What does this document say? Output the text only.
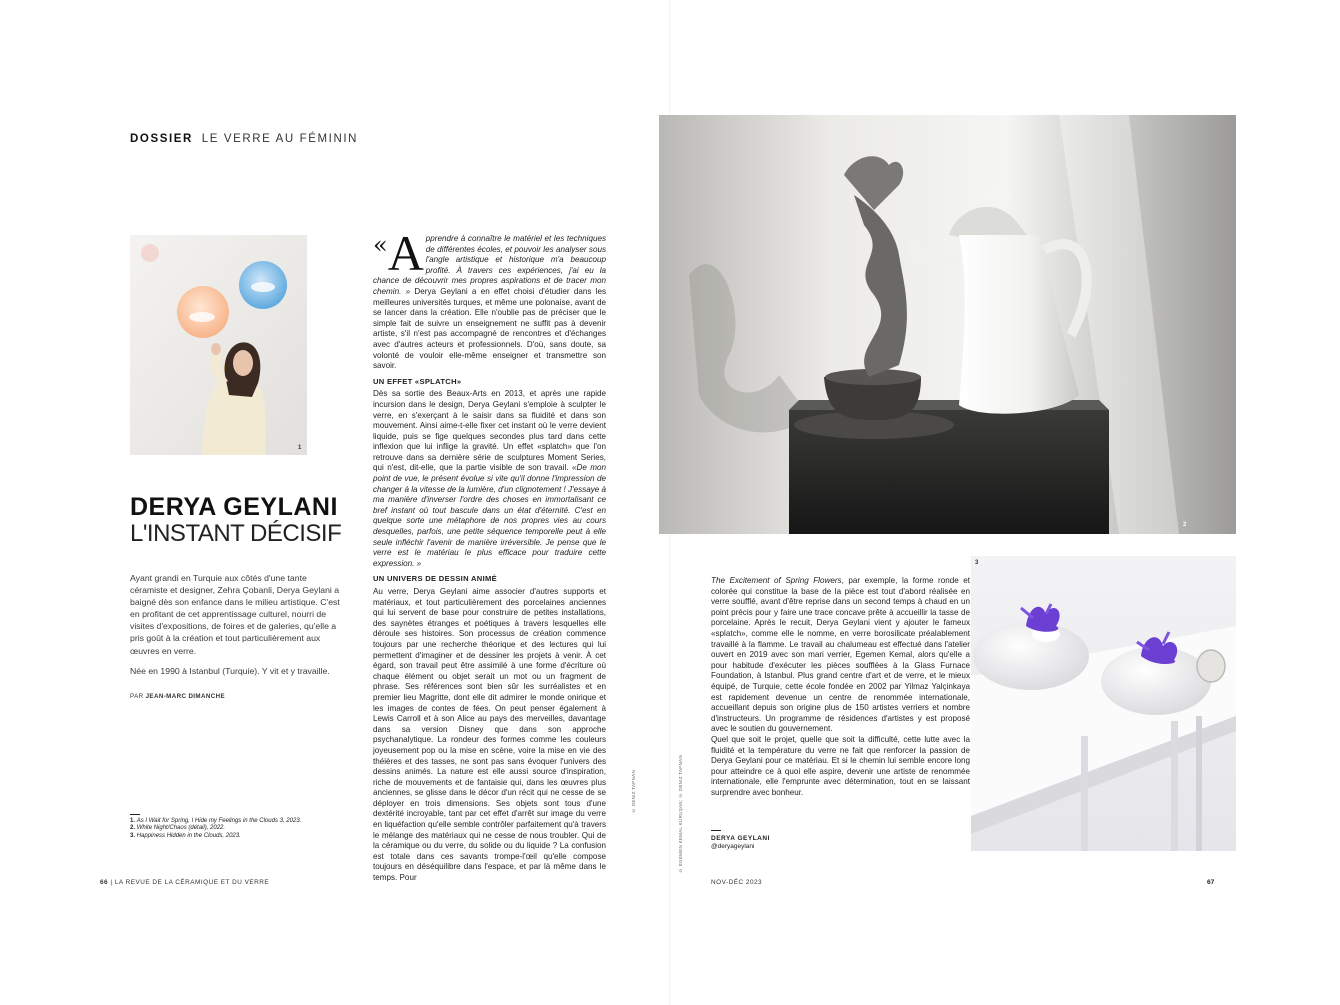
DOSSIER LE VERRE AU FÉMININ
1
DERYA GEYLANI
L'INSTANT DÉCISIF

Ayant grandi en Turquie aux côtés d'une tante céramiste et designer, Zehra Çobanli, Derya Geylani a baigné dès son enfance dans le milieu artistique. C'est en profitant de cet apprentissage culturel, nourri de visites d'expositions, de foires et de galeries, qu'elle a pris goût à la création et tout particulièrement aux œuvres en verre.

Née en 1990 à Istanbul (Turquie). Y vit et y travaille.

PAR JEAN-MARC DIMANCHE

1. As I Wait for Spring, I Hide my Feelings in the Clouds 3, 2023.

2. White Night/Chaos (détail), 2022.

3. Happiness Hidden in the Clouds, 2023.

«A pprendre à connaître le matériel et les techniques de différentes écoles, et pouvoir les analyser sous l'angle artistique et historique m'a beaucoup profité. À travers ces expériences, j'ai eu la chance de découvrir mes propres aspirations et de tracer mon chemin. » Derya Geylani a en effet choisi d'étudier dans les meilleures universités turques, et même une polonaise, avant de se lancer dans la création. Elle n'oublie pas de préciser que le simple fait de suivre un enseignement ne suffit pas à devenir artiste, s'il n'est pas accompagné de rencontres et d'échanges avec d'autres acteurs et professionnels. D'où, sans doute, sa volonté de vouloir elle-même enseigner et transmettre son savoir.

UN EFFET «SPLATCH»

Dès sa sortie des Beaux-Arts en 2013, et après une rapide incursion dans le design, Derya Geylani s'emploie à sculpter le verre, en s'exerçant à le saisir dans sa fluidité et dans son mouvement. Ainsi aime-t-elle fixer cet instant où le verre devient liquide, puis se fige quelques secondes plus tard dans cette inflexion que lui inflige la gravité. Un effet «splatch» que l'on retrouve dans sa dernière série de sculptures Moment Series, qui n'est, dit-elle, que la partie visible de son travail. «De mon point de vue, le présent évolue si vite qu'il donne l'impression de changer à la vitesse de la lumière, d'un clignotement ! J'essaye à ma manière d'inverser l'ordre des choses en immortalisant ce bref instant où tout bascule dans un état d'éternité. C'est en quelque sorte une métaphore de nos propres vies au cours desquelles, parfois, une petite séquence temporelle peut à elle seule infléchir l'avenir de manière irréversible. Je pense que le verre est le matériau le plus efficace pour traduire cette expression. »

UN UNIVERS DE DESSIN ANIMÉ

Au verre, Derya Geylani aime associer d'autres supports et matériaux, et tout particulièrement des porcelaines anciennes qui lui servent de base pour construire de petites installations, des saynètes étranges et poétiques à travers lesquelles elle déroule ses histoires. Son processus de création commence toujours par une recherche théorique et des lectures qui lui permettent d'imaginer et de dessiner les projets à venir. À cet égard, son travail peut être assimilé à une forme d'écriture où chaque élément ou objet serait un mot ou un fragment de phrase. Ses références sont bien sûr les surréalistes et en premier lieu Magritte, dont elle dit admirer le monde onirique et les images de contes de fées. On peut penser également à Lewis Carroll et à son Alice au pays des merveilles, davantage dans sa version Disney que dans son approche psychanalytique. La rondeur des formes comme les couleurs joyeusement pop ou la mise en scène, voire la mise en vie des théières et des tasses, ne sont pas sans évoquer l'univers des dessins animés. La nature est elle aussi source d'inspiration, riche de mouvements et de fantaisie qui, dans les œuvres plus anciennes, se glisse dans le décor d'un récit qui ne cesse de se déployer en trois dimensions. Ses objets sont tous d'une dextérité incroyable, tant par cet effet d'arrêt sur image du verre en liquéfaction qu'elle semble contrôler parfaitement qu'à travers le mélange des matériaux qui ne cesse de nous troubler. Qui de la céramique ou du verre, du solide ou du liquide ? La confusion est totale dans ces savants trompe-l'œil qu'elle compose toujours en déséquilibre dans l'espace, et par là même dans le temps. Pour

© DENIZ TAPNAN
2
© EGEMEN KEMAL KURUŞAN; © DENIZ TAPNAN

The Excitement of Spring Flowers, par exemple, la forme ronde et colorée qui constitue la base de la pièce est tout d'abord réalisée en verre soufflé, avant d'être reprise dans un second temps à chaud en un point précis pour y faire une trace concave prête à accueillir la tasse de porcelaine. Après le recuit, Derya Geylani vient y ajouter le fameux «splatch», comme elle le nomme, en verre borosilicate préalablement travaillé à la flamme. Le travail au chalumeau est effectué dans l'atelier ouvert en 2019 avec son mari verrier, Egemen Kemal, alors qu'elle a pour habitude d'exécuter les pièces soufflées à la Glass Furnace Foundation, à Istanbul. Plus grand centre d'art et de verre, et le mieux équipé, de Turquie, cette école fondée en 2002 par Yilmaz Yalçinkaya est rapidement devenue un centre de renommée internationale, accueillant depuis son origine plus de 150 artistes verriers et nombre d'instructeurs. Un programme de résidences d'artistes y est proposé avec le soutien du gouvernement.

Quel que soit le projet, quelle que soit la difficulté, cette lutte avec la fluidité et la température du verre ne fait que renforcer la passion de Derya Geylani pour ce matériau. Et si le chemin lui semble encore long pour atteindre ce à quoi elle aspire, devenir une artiste de renommée internationale, elle l'emprunte avec détermination, tout en se laissant surprendre avec bonheur.

DERYA GEYLANI
@deryageylani
3
66 | LA REVUE DE LA CÉRAMIQUE ET DU VERRE	NOV-DÉC 2023	67
